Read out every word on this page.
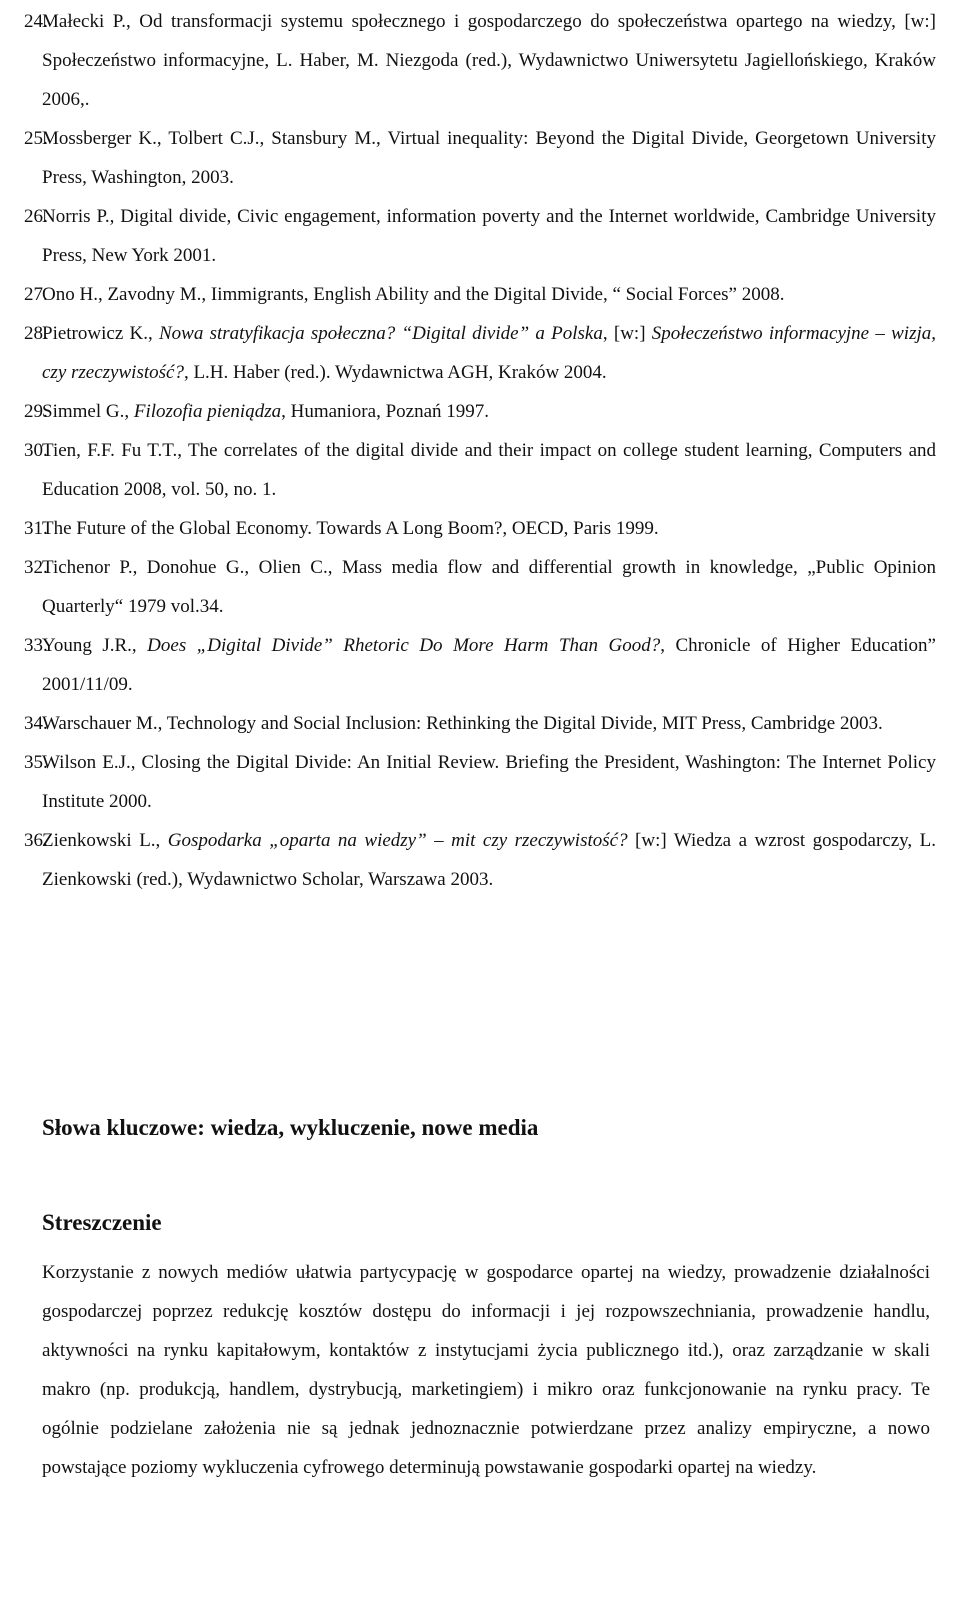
24.
Małecki P., Od transformacji systemu społecznego i gospodarczego do społeczeństwa opartego na wiedzy, [w:] Społeczeństwo informacyjne, L. Haber, M. Niezgoda (red.), Wydawnictwo Uniwersytetu Jagiellońskiego, Kraków 2006,.
25.
Mossberger K., Tolbert C.J., Stansbury M., Virtual inequality: Beyond the Digital Divide, Georgetown University Press, Washington, 2003.
26.
Norris P., Digital divide, Civic engagement, information poverty and the Internet worldwide, Cambridge University Press, New York 2001.
27.
Ono H., Zavodny M., Iimmigrants, English Ability and the Digital Divide, “ Social Forces” 2008.
28.
Pietrowicz K., Nowa stratyfikacja społeczna? “Digital divide” a Polska, [w:] Społeczeństwo informacyjne – wizja, czy rzeczywistość?, L.H. Haber (red.). Wydawnictwa AGH, Kraków 2004.
29.
Simmel G., Filozofia pieniądza, Humaniora, Poznań 1997.
30.
Tien, F.F. Fu T.T., The correlates of the digital divide and their impact on college student learning, Computers and Education 2008, vol. 50, no. 1.
31.
The Future of the Global Economy. Towards A Long Boom?, OECD, Paris 1999.
32.
Tichenor P., Donohue G., Olien C., Mass media flow and differential growth in knowledge, „Public Opinion Quarterly“ 1979 vol.34.
33.
Young J.R., Does „Digital Divide” Rhetoric Do More Harm Than Good?, Chronicle of Higher Education” 2001/11/09.
34.
Warschauer M., Technology and Social Inclusion: Rethinking the Digital Divide, MIT Press, Cambridge 2003.
35.
Wilson E.J., Closing the Digital Divide: An Initial Review. Briefing the President, Washington: The Internet Policy Institute 2000.
36.
Zienkowski L., Gospodarka „oparta na wiedzy” – mit czy rzeczywistość? [w:] Wiedza a wzrost gospodarczy, L. Zienkowski (red.), Wydawnictwo Scholar, Warszawa 2003.
Słowa kluczowe: wiedza, wykluczenie, nowe media
Streszczenie

Korzystanie z nowych mediów ułatwia partycypację w gospodarce opartej na wiedzy, prowadzenie działalności gospodarczej poprzez redukcję kosztów dostępu do informacji i jej rozpowszechniania, prowadzenie handlu, aktywności na rynku kapitałowym, kontaktów z instytucjami życia publicznego itd.), oraz zarządzanie w skali makro (np. produkcją, handlem, dystrybucją, marketingiem) i mikro oraz funkcjonowanie na rynku pracy. Te ogólnie podzielane założenia nie są jednak jednoznacznie potwierdzane przez analizy empiryczne, a nowo powstające poziomy wykluczenia cyfrowego determinują powstawanie gospodarki opartej na wiedzy.
